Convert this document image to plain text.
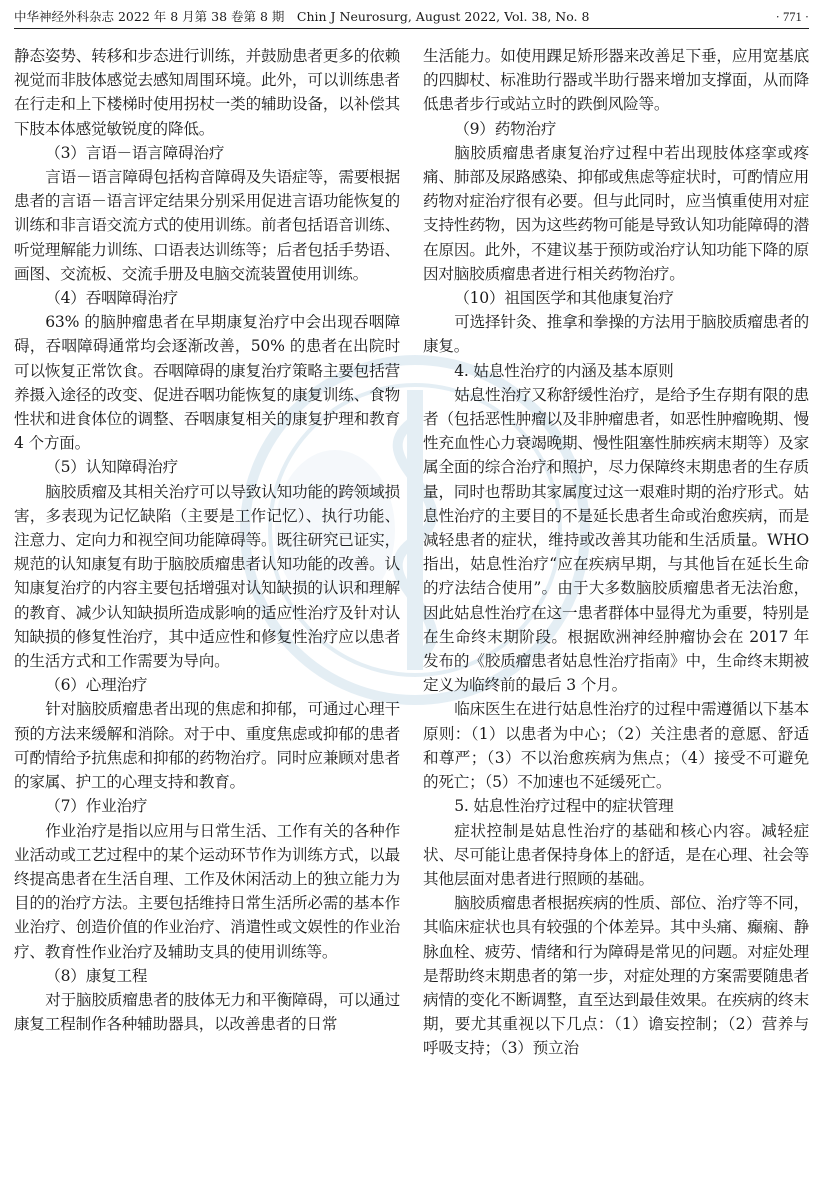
中华神经外科杂志 2022 年 8 月第 38 卷第 8 期　Chin J Neurosurg, August 2022, Vol. 38, No. 8	· 771 ·

静态姿势、转移和步态进行训练，并鼓励患者更多的依赖视觉而非肢体感觉去感知周围环境。此外，可以训练患者在行走和上下楼梯时使用拐杖一类的辅助设备，以补偿其下肢本体感觉敏锐度的降低。

（3）言语－语言障碍治疗

言语－语言障碍包括构音障碍及失语症等，需要根据患者的言语－语言评定结果分别采用促进言语功能恢复的训练和非言语交流方式的使用训练。前者包括语音训练、听觉理解能力训练、口语表达训练等；后者包括手势语、画图、交流板、交流手册及电脑交流装置使用训练。

（4）吞咽障碍治疗

63% 的脑肿瘤患者在早期康复治疗中会出现吞咽障碍，吞咽障碍通常均会逐渐改善，50% 的患者在出院时可以恢复正常饮食。吞咽障碍的康复治疗策略主要包括营养摄入途径的改变、促进吞咽功能恢复的康复训练、食物性状和进食体位的调整、吞咽康复相关的康复护理和教育4 个方面。

（5）认知障碍治疗

脑胶质瘤及其相关治疗可以导致认知功能的跨领域损害，多表现为记忆缺陷（主要是工作记忆）、执行功能、注意力、定向力和视空间功能障碍等。既往研究已证实，规范的认知康复有助于脑胶质瘤患者认知功能的改善。认知康复治疗的内容主要包括增强对认知缺损的认识和理解的教育、减少认知缺损所造成影响的适应性治疗及针对认知缺损的修复性治疗，其中适应性和修复性治疗应以患者的生活方式和工作需要为导向。

（6）心理治疗

针对脑胶质瘤患者出现的焦虑和抑郁，可通过心理干预的方法来缓解和消除。对于中、重度焦虑或抑郁的患者可酌情给予抗焦虑和抑郁的药物治疗。同时应兼顾对患者的家属、护工的心理支持和教育。

（7）作业治疗

作业治疗是指以应用与日常生活、工作有关的各种作业活动或工艺过程中的某个运动环节作为训练方式，以最终提高患者在生活自理、工作及休闲活动上的独立能力为目的的治疗方法。主要包括维持日常生活所必需的基本作业治疗、创造价值的作业治疗、消遣性或文娱性的作业治疗、教育性作业治疗及辅助支具的使用训练等。

（8）康复工程

对于脑胶质瘤患者的肢体无力和平衡障碍，可以通过康复工程制作各种辅助器具，以改善患者的日常

生活能力。如使用踝足矫形器来改善足下垂，应用宽基底的四脚杖、标准助行器或半助行器来增加支撑面，从而降低患者步行或站立时的跌倒风险等。

（9）药物治疗

脑胶质瘤患者康复治疗过程中若出现肢体痉挛或疼痛、肺部及尿路感染、抑郁或焦虑等症状时，可酌情应用药物对症治疗很有必要。但与此同时，应当慎重使用对症支持性药物，因为这些药物可能是导致认知功能障碍的潜在原因。此外，不建议基于预防或治疗认知功能下降的原因对脑胶质瘤患者进行相关药物治疗。

（10）祖国医学和其他康复治疗

可选择针灸、推拿和拳操的方法用于脑胶质瘤患者的康复。

4. 姑息性治疗的内涵及基本原则

姑息性治疗又称舒缓性治疗，是给予生存期有限的患者（包括恶性肿瘤以及非肿瘤患者，如恶性肿瘤晚期、慢性充血性心力衰竭晚期、慢性阻塞性肺疾病末期等）及家属全面的综合治疗和照护，尽力保障终末期患者的生存质量，同时也帮助其家属度过这一艰难时期的治疗形式。姑息性治疗的主要目的不是延长患者生命或治愈疾病，而是减轻患者的症状，维持或改善其功能和生活质量。WHO 指出，姑息性治疗“应在疾病早期，与其他旨在延长生命的疗法结合使用”。由于大多数脑胶质瘤患者无法治愈，因此姑息性治疗在这一患者群体中显得尤为重要，特别是在生命终末期阶段。根据欧洲神经肿瘤协会在 2017 年发布的《胶质瘤患者姑息性治疗指南》中，生命终末期被定义为临终前的最后 3 个月。

临床医生在进行姑息性治疗的过程中需遵循以下基本原则：（1）以患者为中心；（2）关注患者的意愿、舒适和尊严；（3）不以治愈疾病为焦点；（4）接受不可避免的死亡；（5）不加速也不延缓死亡。

5. 姑息性治疗过程中的症状管理

症状控制是姑息性治疗的基础和核心内容。减轻症状、尽可能让患者保持身体上的舒适，是在心理、社会等其他层面对患者进行照顾的基础。

脑胶质瘤患者根据疾病的性质、部位、治疗等不同，其临床症状也具有较强的个体差异。其中头痛、癫痫、静脉血栓、疲劳、情绪和行为障碍是常见的问题。对症处理是帮助终末期患者的第一步，对症处理的方案需要随患者病情的变化不断调整，直至达到最佳效果。在疾病的终末期，要尤其重视以下几点：（1）谵妄控制；（2）营养与呼吸支持；（3）预立治
